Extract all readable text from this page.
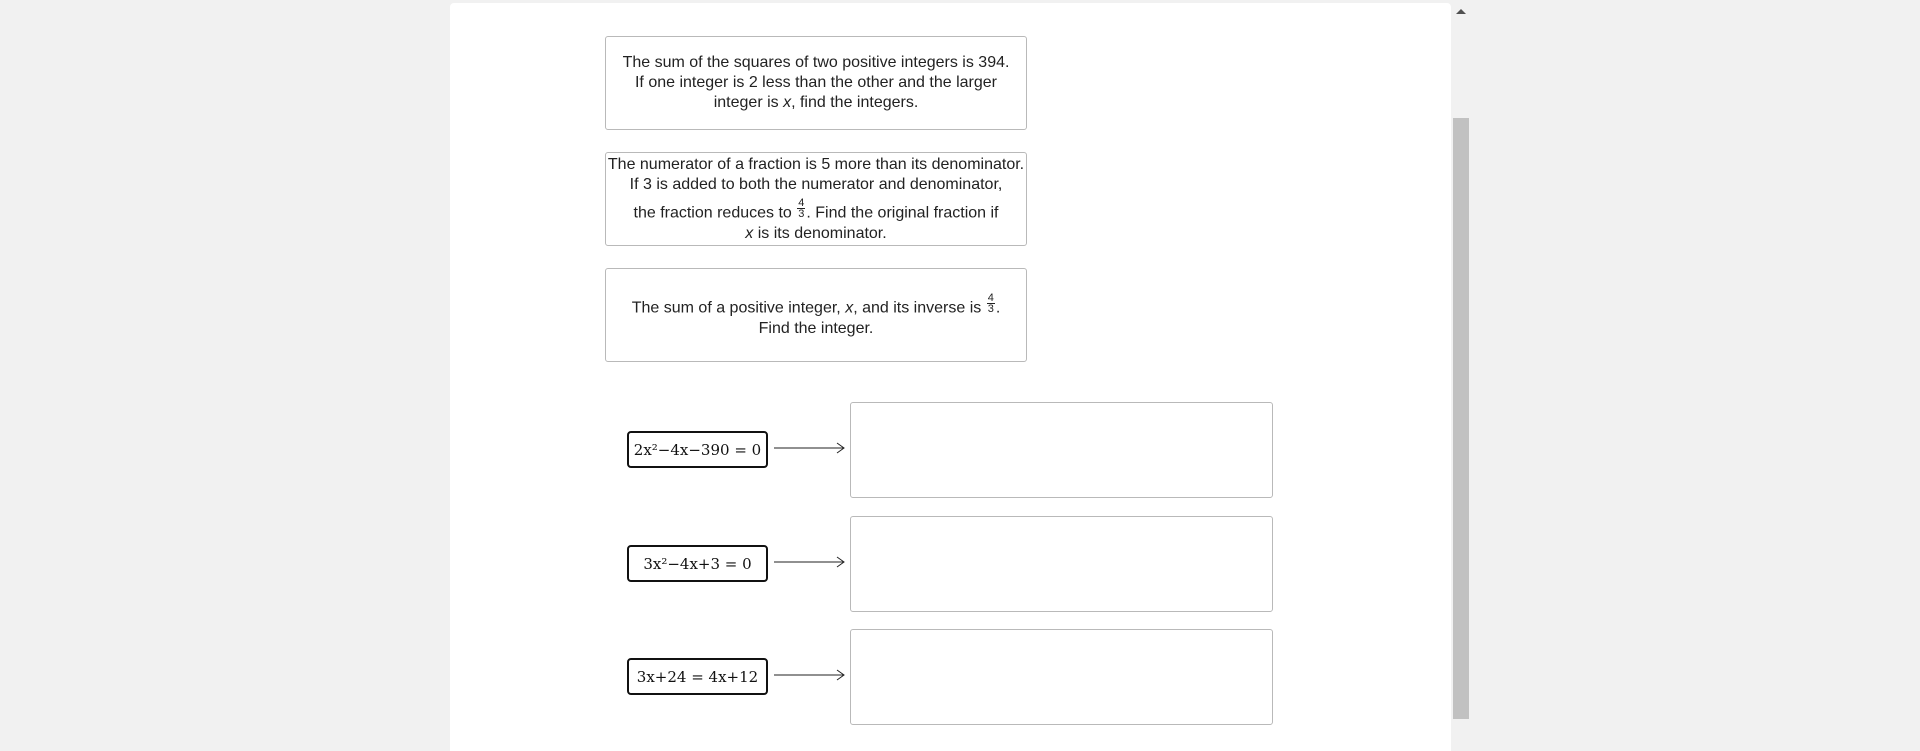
The sum of the squares of two positive integers is 394.
If one integer is 2 less than the other and the larger
integer is x, find the integers.
The numerator of a fraction is 5 more than its denominator.
If 3 is added to both the numerator and denominator,
the fraction reduces to $\frac{4}{3}$ . Find the original fraction if
x is its denominator.
The sum of a positive integer, x, and its inverse is $\frac{4}{3}$ .
Find the integer.
2x²−4x−390 = 0
3x²−4x+3 = 0
3x+24 = 4x+12
